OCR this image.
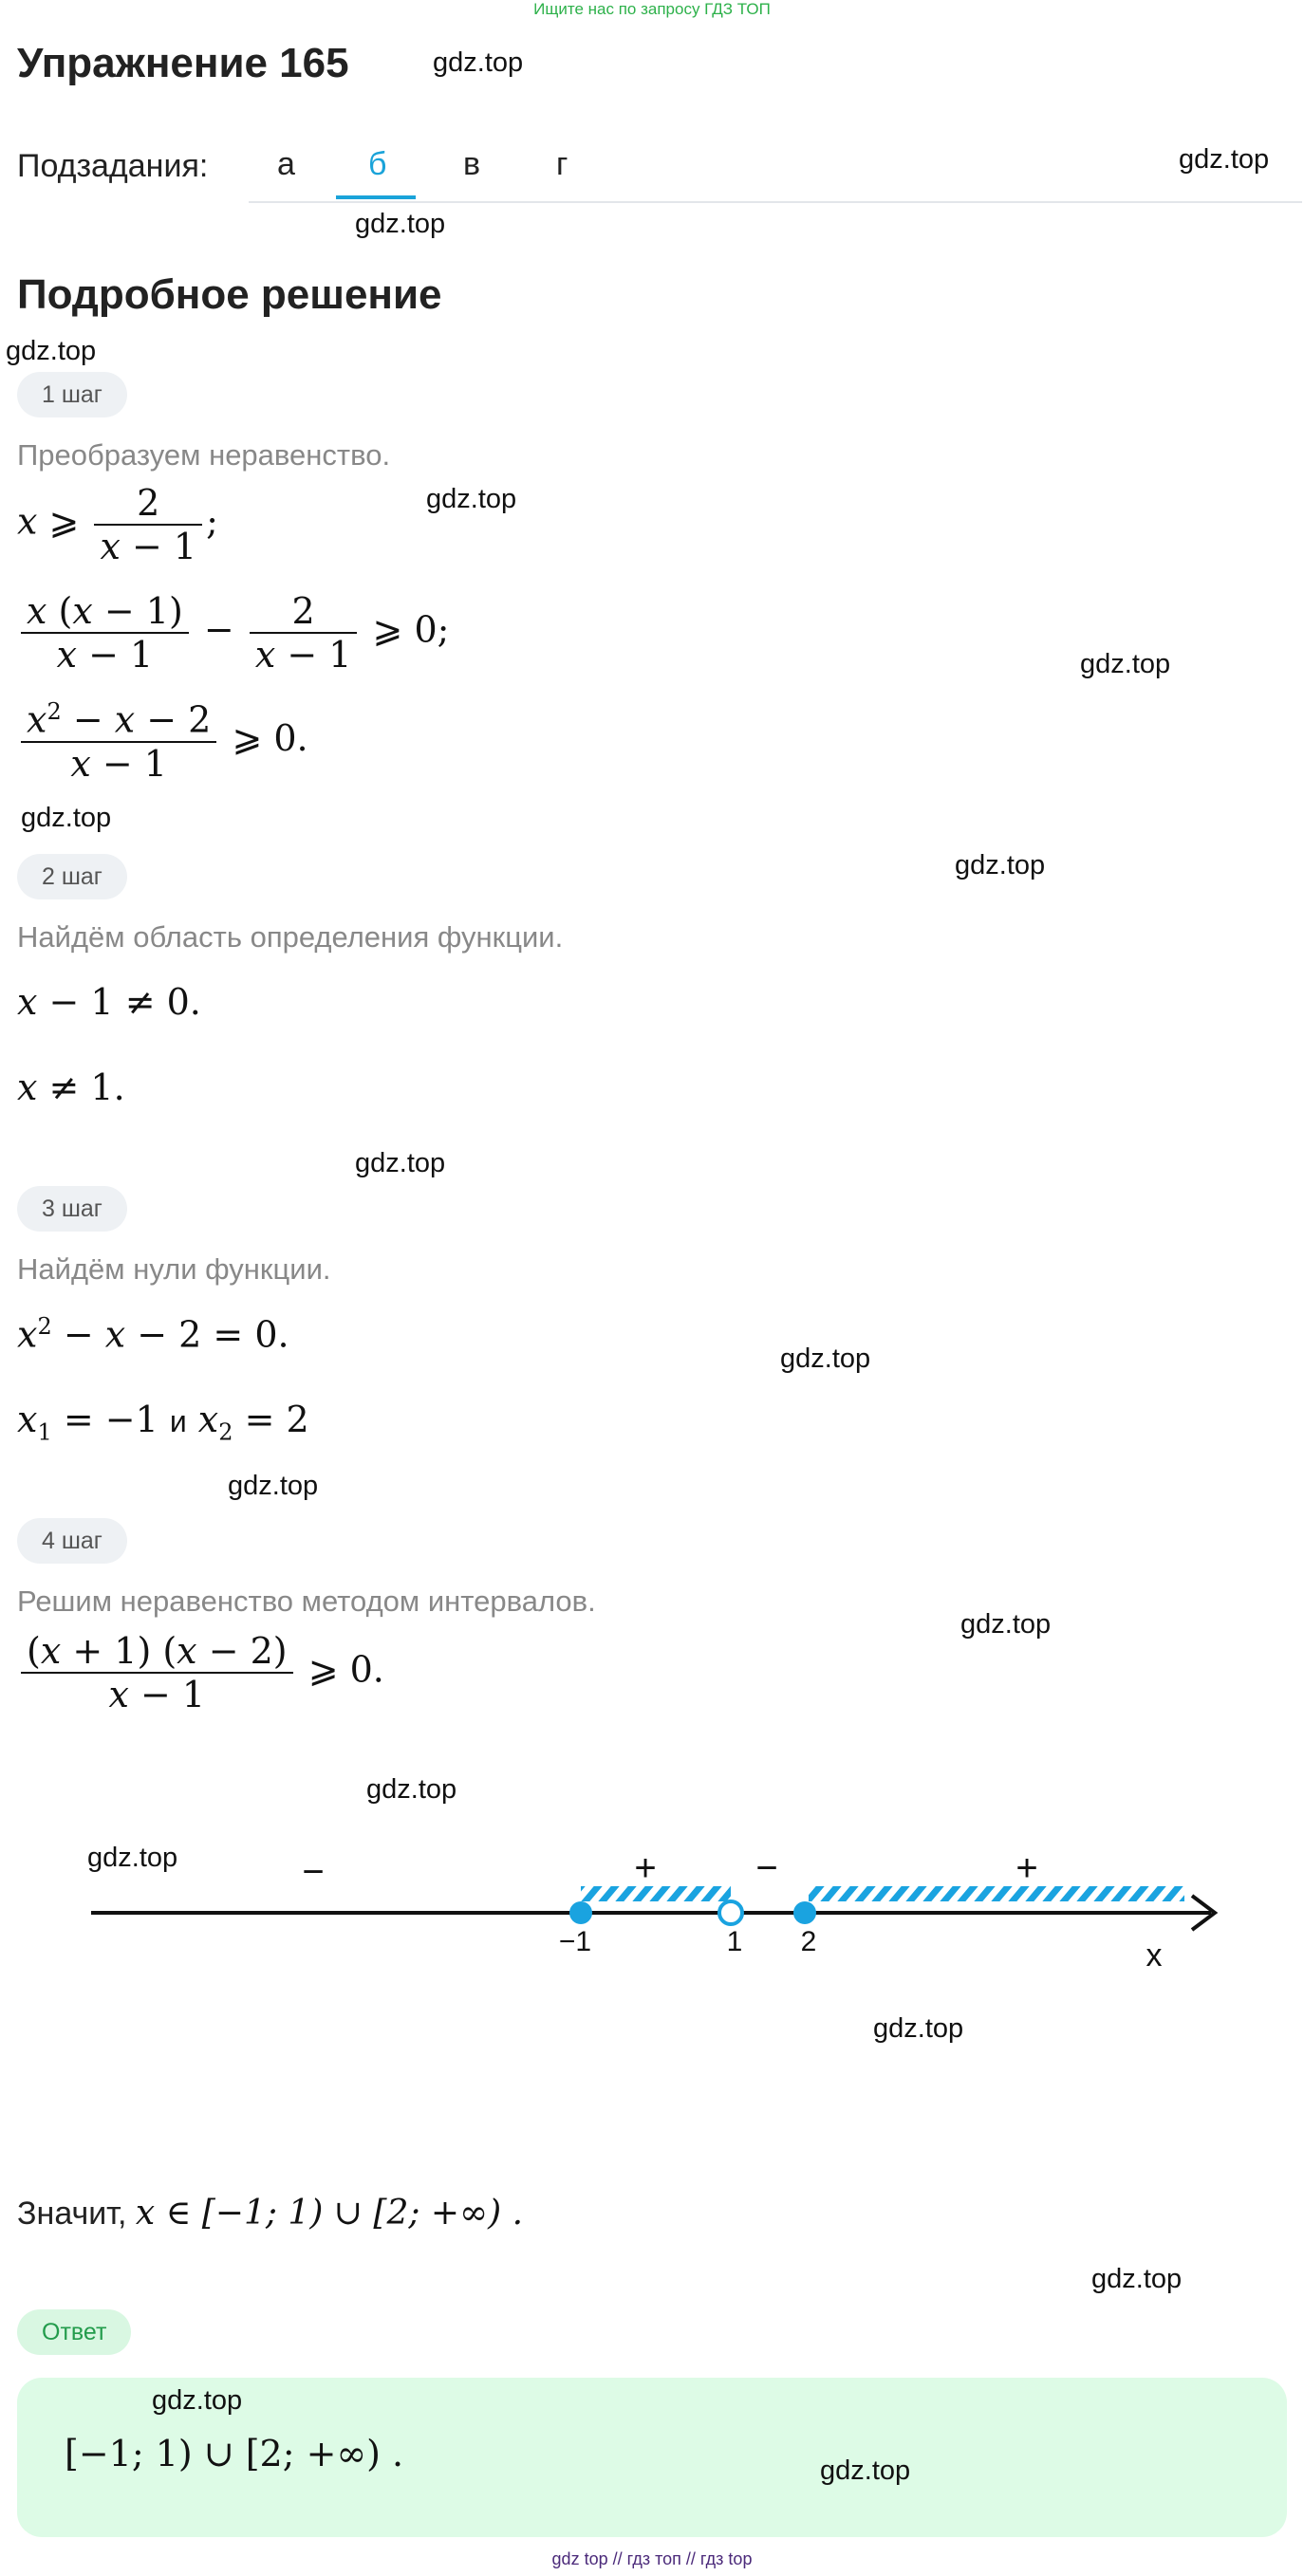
Ищите нас по запросу ГДЗ ТОП
Упражнение 165	gdz.top
Подзадания: а б в г	gdz.top
gdz.top
Подробное решение
gdz.top
1 шаг
Преобразуем неравенство.
gdz.top
x ⩾ $\frac{2}{x - 1}$ ;
$\frac{x (x - 1)}{x - 1} - \frac{2}{x - 1}$ ⩾ 0;
gdz.top
$\frac{x^2 - x - 2}{x - 1}$ ⩾ 0.
gdz.top
2 шаг	gdz.top
Найдём область определения функции.
x − 1 ≠ 0.
x ≠ 1.
gdz.top
3 шаг
Найдём нули функции.
$x^2 - x - 2 = 0$.
gdz.top
$x_1 = -1$ и $x_2 = 2$
gdz.top
4 шаг
Решим неравенство методом интервалов.
gdz.top
$\frac{(x + 1) (x - 2)}{x - 1}$ ⩾ 0.
gdz.top
gdz.top	−	+	−	+
−1	1 2	x
gdz.top
Значит, x ∈ [−1; 1) ∪ [2; +∞) .
gdz.top
Ответ
gdz.top
[−1; 1) ∪ [2; +∞) .	gdz.top
gdz top // гдз топ // гдз top
